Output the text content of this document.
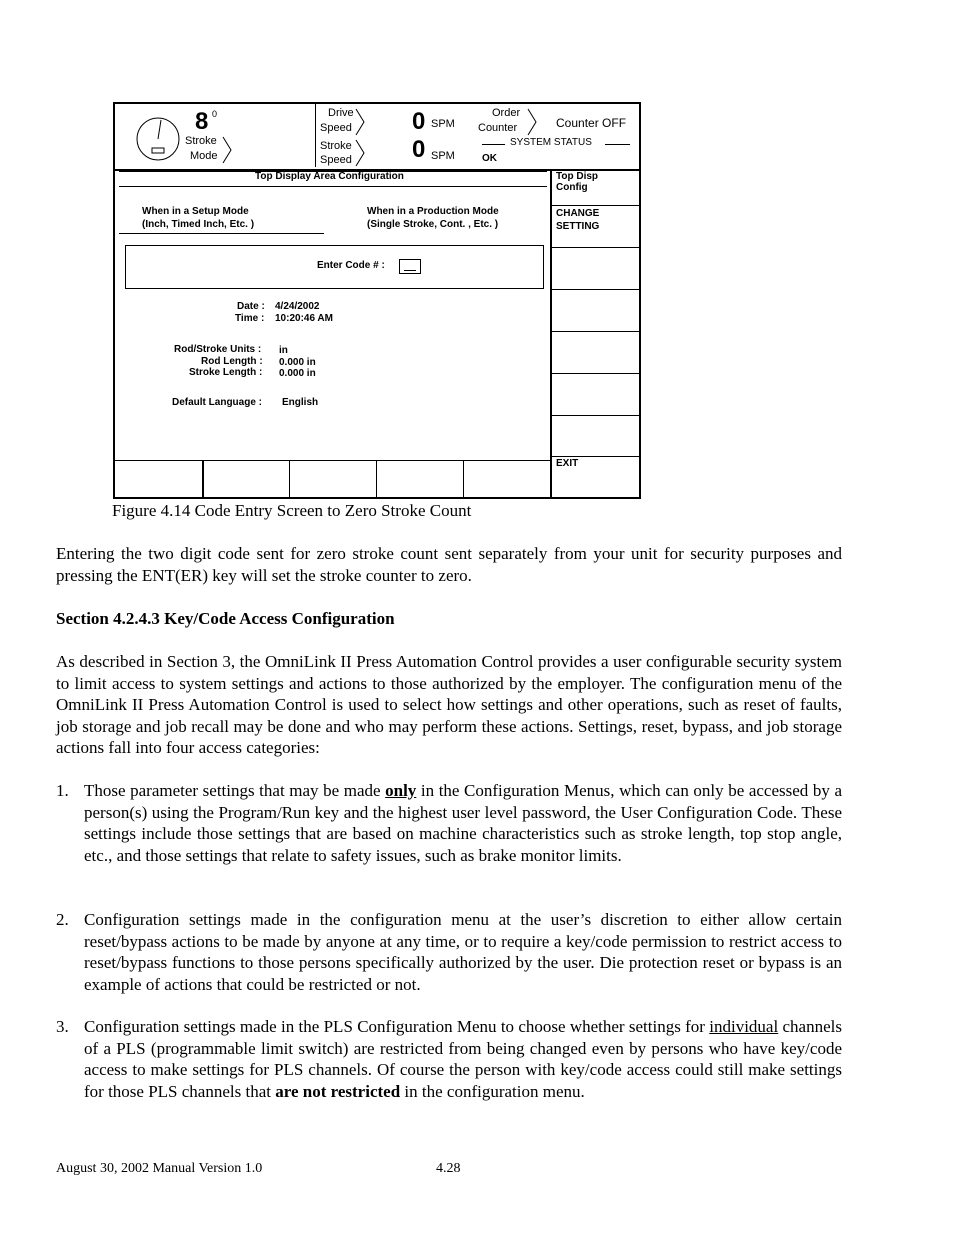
8 0
Stroke
Mode
Drive
Speed
Stroke
Speed
0 SPM
0 SPM
Order
Counter	Counter OFF
SYSTEM STATUS
OK
Top Display Area Configuration
When in a Setup Mode
(Inch, Timed Inch, Etc. )
When in a Production Mode
(Single Stroke, Cont. , Etc. )
Enter Code # :
Date : 4/24/2002
Time : 10:20:46 AM
Rod/Stroke Units : in
Rod Length : 0.000 in
Stroke Length : 0.000 in
Default Language : English
Top Disp
Config
CHANGE
SETTING
EXIT
Figure 4.14 Code Entry Screen to Zero Stroke Count
Entering the two digit code sent for zero stroke count sent separately from your unit for security purposes and pressing the ENT(ER) key will set the stroke counter to zero.
Section 4.2.4.3 Key/Code Access Configuration
As described in Section 3, the OmniLink II Press Automation Control provides a user configurable security system to limit access to system settings and actions to those authorized by the employer. The configuration menu of the OmniLink II Press Automation Control is used to select how settings and other operations, such as reset of faults, job storage and job recall may be done and who may perform these actions. Settings, reset, bypass, and job storage actions fall into four access categories:
1. Those parameter settings that may be made only in the Configuration Menus, which can only be accessed by a person(s) using the Program/Run key and the highest user level password, the User Configuration Code. These settings include those settings that are based on machine characteristics such as stroke length, top stop angle, etc., and those settings that relate to safety issues, such as brake monitor limits.
2. Configuration settings made in the configuration menu at the user’s discretion to either allow certain reset/bypass actions to be made by anyone at any time, or to require a key/code permission to restrict access to reset/bypass functions to those persons specifically authorized by the user. Die protection reset or bypass is an example of actions that could be restricted or not.
3. Configuration settings made in the PLS Configuration Menu to choose whether settings for individual channels of a PLS (programmable limit switch) are restricted from being changed even by persons who have key/code access to make settings for PLS channels. Of course the person with key/code access could still make settings for those PLS channels that are not restricted in the configuration menu.
August 30, 2002 Manual Version 1.0	4.28
